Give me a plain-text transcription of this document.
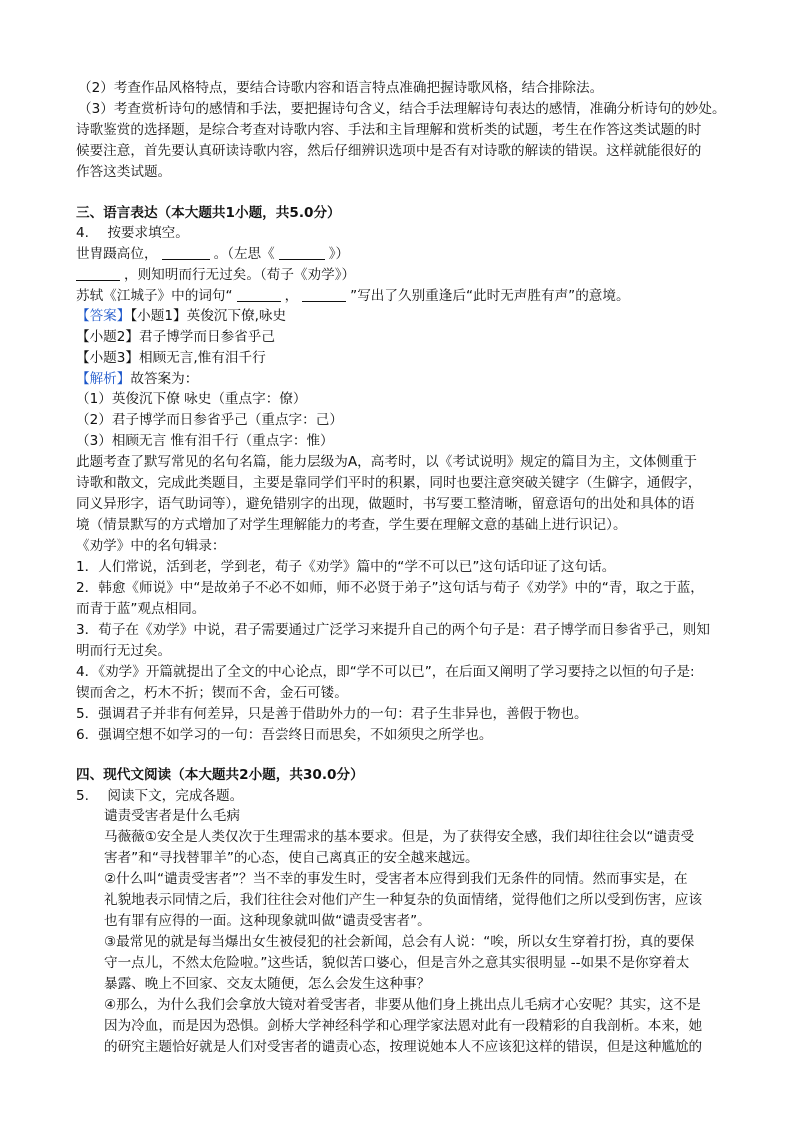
（2）考查作品风格特点，要结合诗歌内容和语言特点准确把握诗歌风格，结合排除法。
（3）考查赏析诗句的感情和手法，要把握诗句含义，结合手法理解诗句表达的感情，准确分析诗句的妙处。
诗歌鉴赏的选择题，是综合考查对诗歌内容、手法和主旨理解和赏析类的试题，考生在作答这类试题的时
候要注意，首先要认真研读诗歌内容，然后仔细辨识选项中是否有对诗歌的解读的错误。这样就能很好的
作答这类试题。
三、语言表达（本大题共1小题，共5.0分）
4. 按要求填空。
世胄蹑高位，	。（左思《	》）
，则知明而行无过矣。（荀子《劝学》）
苏轼《江城子》中的词句“	，	”写出了久别重逢后“此时无声胜有声”的意境。
【答案】【小题1】英俊沉下僚,咏史
【小题2】君子博学而日参省乎己
【小题3】相顾无言,惟有泪千行
【解析】故答案为：
（1）英俊沉下僚 咏史（重点字：僚）
（2）君子博学而日参省乎己（重点字：己）
（3）相顾无言 惟有泪千行（重点字：惟）
此题考查了默写常见的名句名篇，能力层级为A，高考时，以《考试说明》规定的篇目为主，文体侧重于
诗歌和散文，完成此类题目，主要是靠同学们平时的积累，同时也要注意突破关键字（生僻字，通假字，
同义异形字，语气助词等），避免错别字的出现，做题时，书写要工整清晰，留意语句的出处和具体的语
境（情景默写的方式增加了对学生理解能力的考查，学生要在理解文意的基础上进行识记）。
《劝学》中的名句辑录：
1．人们常说，活到老，学到老，荀子《劝学》篇中的“学不可以已”这句话印证了这句话。
2．韩愈《师说》中“是故弟子不必不如师，师不必贤于弟子”这句话与荀子《劝学》中的“青，取之于蓝，
而青于蓝”观点相同。
3．荀子在《劝学》中说，君子需要通过广泛学习来提升自己的两个句子是：君子博学而日参省乎己，则知
明而行无过矣。
4．《劝学》开篇就提出了全文的中心论点，即“学不可以已”，在后面又阐明了学习要持之以恒的句子是:
锲而舍之，朽木不折；锲而不舍，金石可镂。
5．强调君子并非有何差异，只是善于借助外力的一句：君子生非异也，善假于物也。
6．强调空想不如学习的一句：吾尝终日而思矣，不如须臾之所学也。
四、现代文阅读（本大题共2小题，共30.0分）
5. 阅读下文，完成各题。
谴责受害者是什么毛病
马薇薇①安全是人类仅次于生理需求的基本要求。但是，为了获得安全感，我们却往往会以“谴责受
害者”和“寻找替罪羊”的心态，使自己离真正的安全越来越远。
②什么叫“谴责受害者”？当不幸的事发生时，受害者本应得到我们无条件的同情。然而事实是，在
礼貌地表示同情之后，我们往往会对他们产生一种复杂的负面情绪，觉得他们之所以受到伤害，应该
也有罪有应得的一面。这种现象就叫做“谴责受害者”。
③最常见的就是每当爆出女生被侵犯的社会新闻，总会有人说：“唉，所以女生穿着打扮，真的要保
守一点儿，不然太危险啦。”这些话，貌似苦口婆心，但是言外之意其实很明显 --如果不是你穿着太
暴露、晚上不回家、交友太随便，怎么会发生这种事？
④那么，为什么我们会拿放大镜对着受害者，非要从他们身上挑出点儿毛病才心安呢？其实，这不是
因为冷血，而是因为恐惧。剑桥大学神经科学和心理学家法恩对此有一段精彩的自我剖析。本来，她
的研究主题恰好就是人们对受害者的谴责心态，按理说她本人不应该犯这样的错误，但是这种尴尬的
